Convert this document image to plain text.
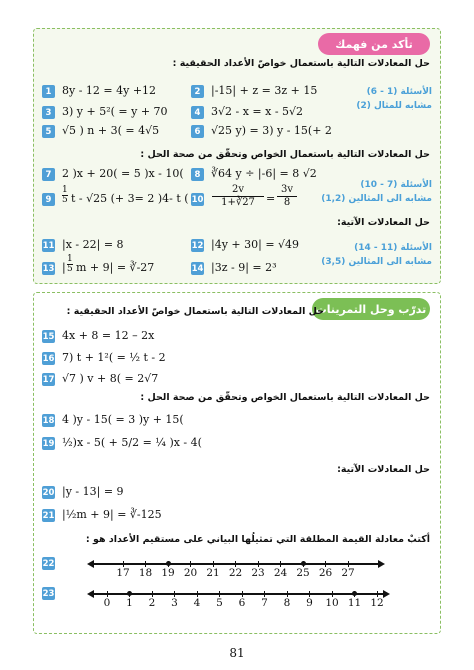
تأكد من فهمك
حل المعادلات التالية باستعمال خواصّ الأعداد الحقيقية :
الأسئلة (1 - 6)
مشابه للمثال (2)
الأسئلة (7 - 10)
مشابه الى المثالين (1,2)
الأسئلة (11 - 14)
مشابه الى المثالين (3,5)
1 8y - 12 = 4y +12	2 |-15| + z = 3z + 15
3 3) y + 5²( = y + 70	4 3√2 - x = x - 5√2
5 √5 ) n + 3( = 4√5	6 √25 y) = 3) y - 15(+ 2
حل المعادلات التالية باستعمال الخواص وتحقّق من صحة الحل :
7 2 )x + 20( = 5 )x - 10(	8 ∛64 y ÷ |-6| = 8 √2
9	$\frac{1}{5}$ t - √25 (+ 3= 2 )4- t ( $10 \frac{2v}{1+∛27} = \frac{3v}{8}$
حل المعادلات الآتية:
11 |x - 22| = 8	12 |4y + 30| = √49
13 | $\frac{1}{5}$ m + 9| = ∛-27	14 |3z - 9| = 2³
تدرّب وحل التمرينات
حل المعادلات التالية باستعمال خواصّ الأعداد الحقيقية :
15 4x + 8 = 12 – 2x
16 7) t + 1²( = ½ t - 2
17 √7 ) v + 8( = 2√7
حل المعادلات التالية باستعمال الخواص وتحقّق من صحة الحل :
18 4 )y - 15( = 3 )y + 15(
19 ½)x - 5( + 5/2 = ¼ )x - 4(
حل المعادلات الآتية:
20 |y - 13| = 9
21 |½m + 9| = ∛-125
أكتبْ معادلة القيمة المطلقة التي تمثيلُها البياني على مستقيم الأعداد هو :
22
17 18 19 20 21 22 23 24 25 26 27
23
0	1	2	3	4	5	6	7	8	9	10 11 12
81
